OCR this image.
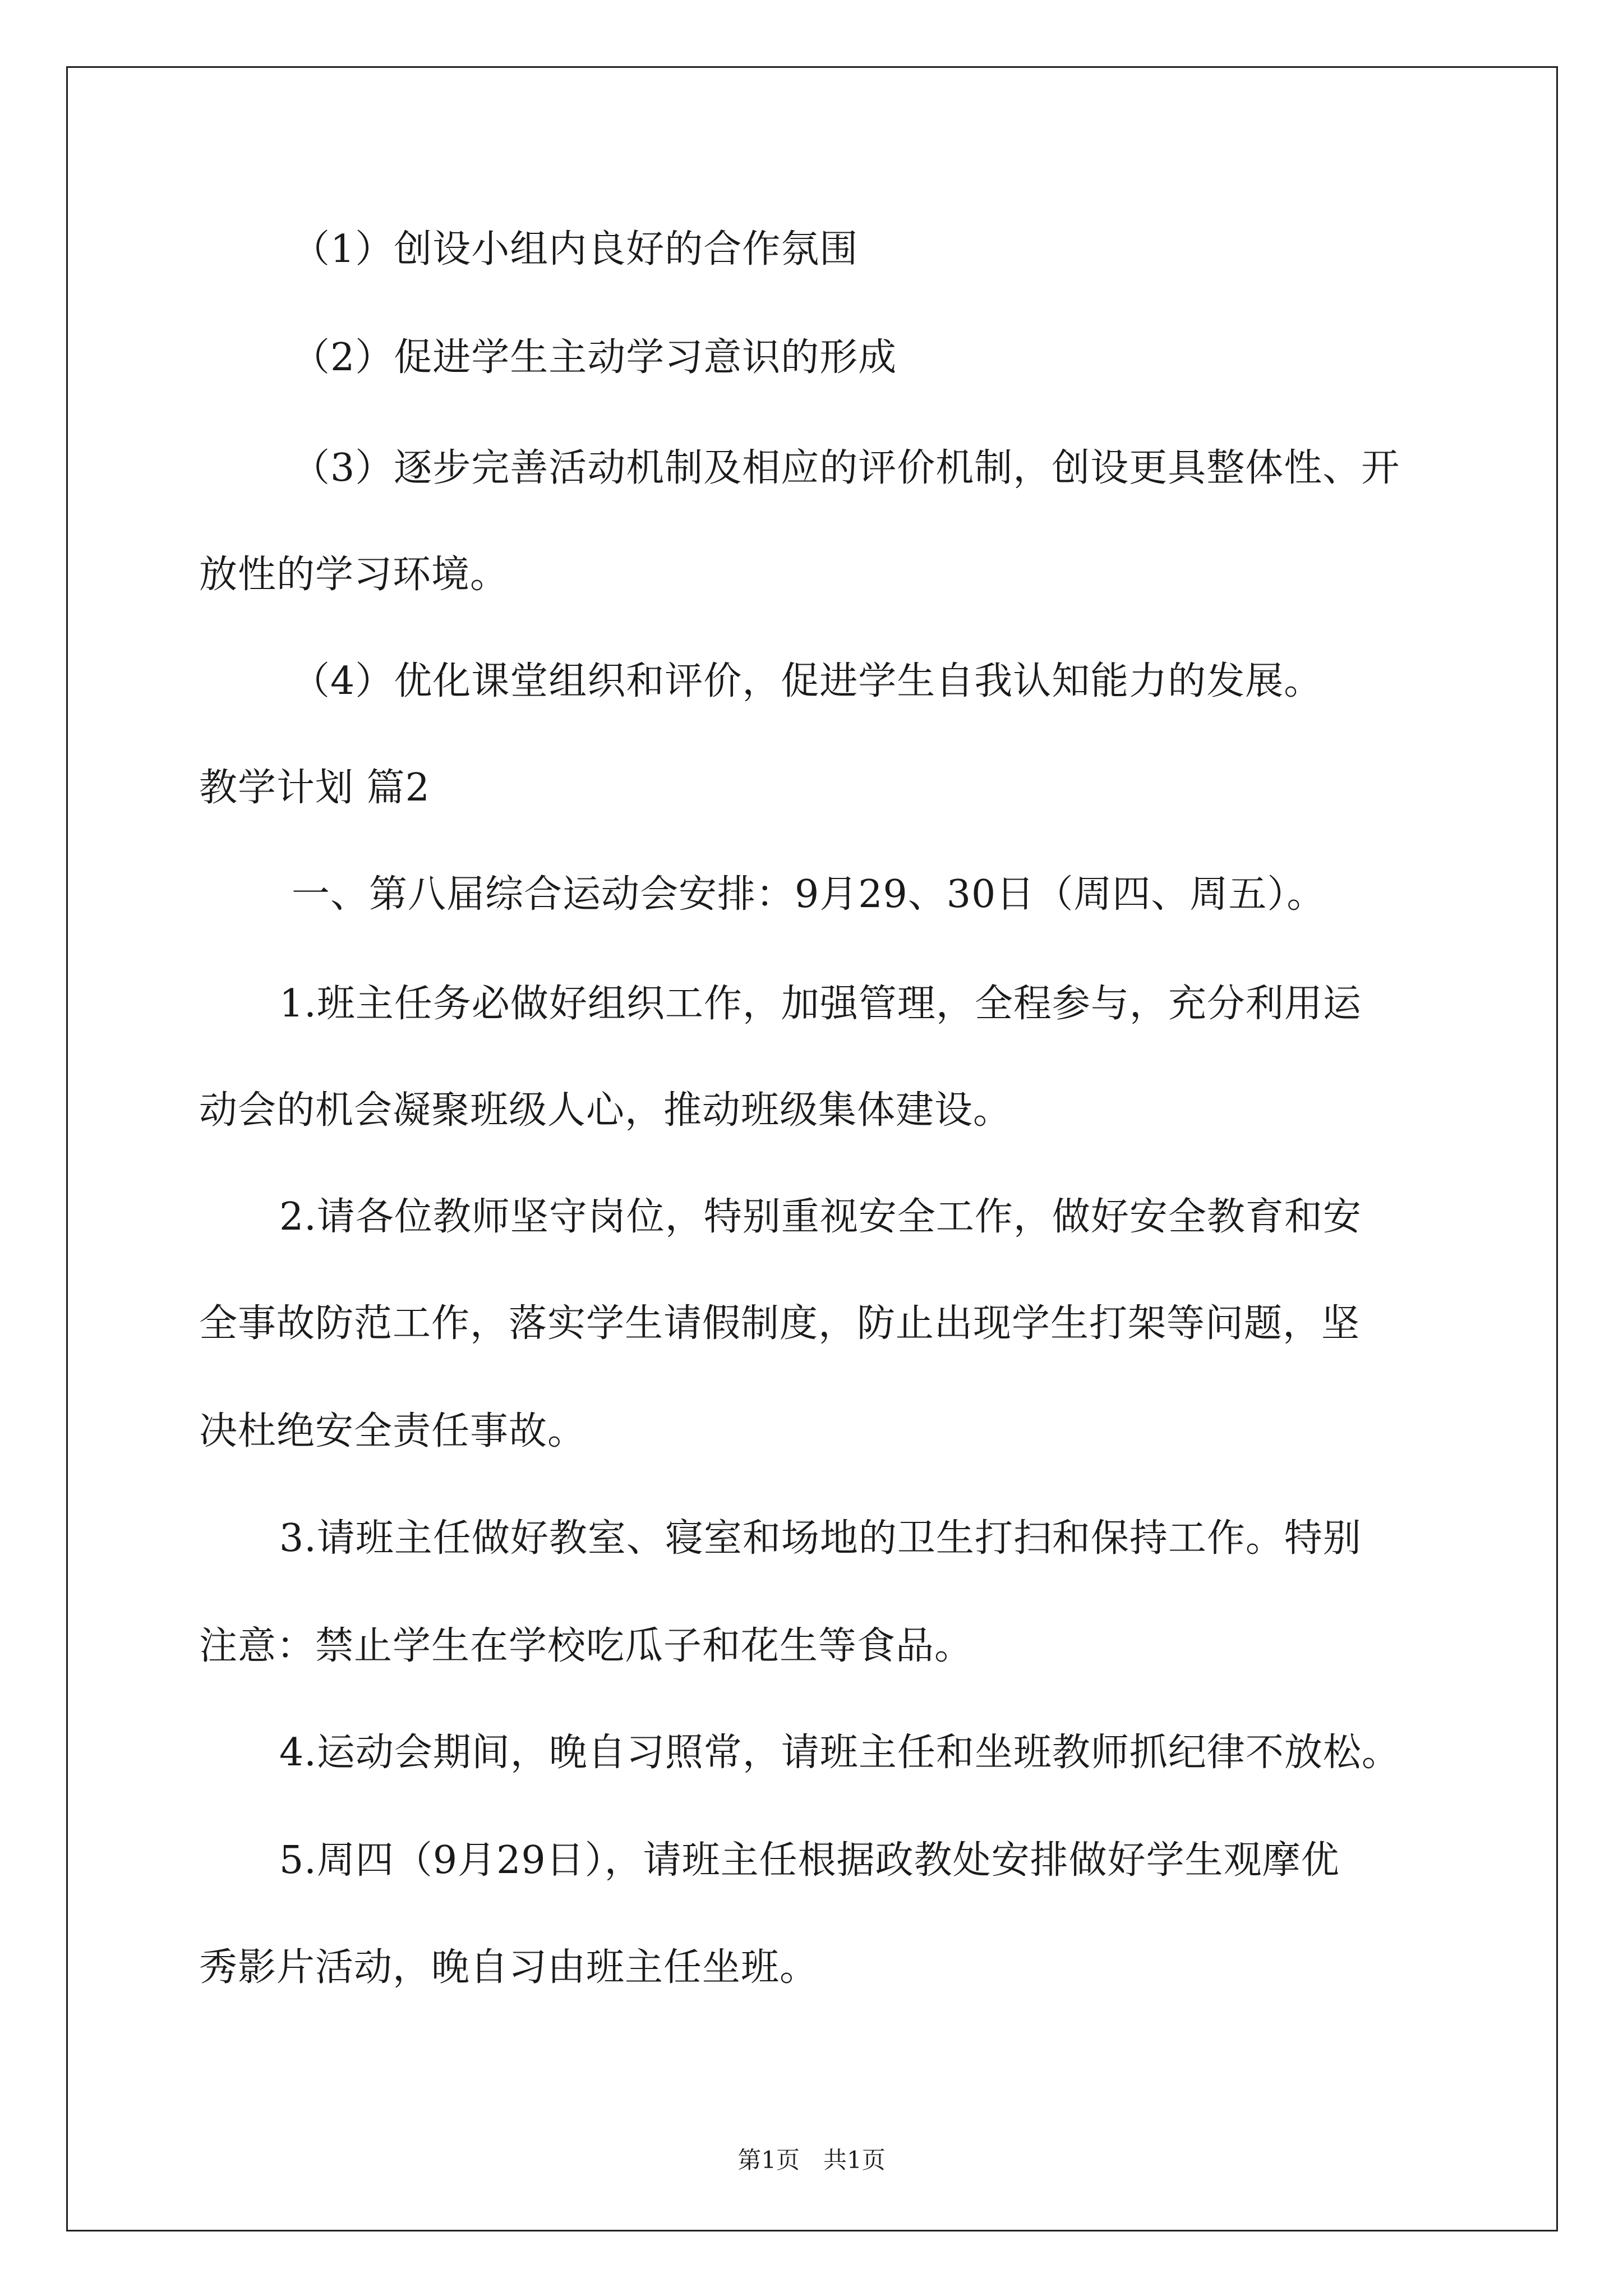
（1）创设小组内良好的合作氛围
（2）促进学生主动学习意识的形成
（3）逐步完善活动机制及相应的评价机制，创设更具整体性、开
放性的学习环境。
（4）优化课堂组织和评价，促进学生自我认知能力的发展。
教学计划 篇2
一、第八届综合运动会安排：9月29、30日（周四、周五）。
1.班主任务必做好组织工作，加强管理，全程参与，充分利用运
动会的机会凝聚班级人心，推动班级集体建设。
2.请各位教师坚守岗位，特别重视安全工作，做好安全教育和安
全事故防范工作，落实学生请假制度，防止出现学生打架等问题，坚
决杜绝安全责任事故。
3.请班主任做好教室、寝室和场地的卫生打扫和保持工作。特别
注意：禁止学生在学校吃瓜子和花生等食品。
4.运动会期间，晚自习照常，请班主任和坐班教师抓纪律不放松。
5.周四（9月29日），请班主任根据政教处安排做好学生观摩优
秀影片活动，晚自习由班主任坐班。
第1页　共1页
